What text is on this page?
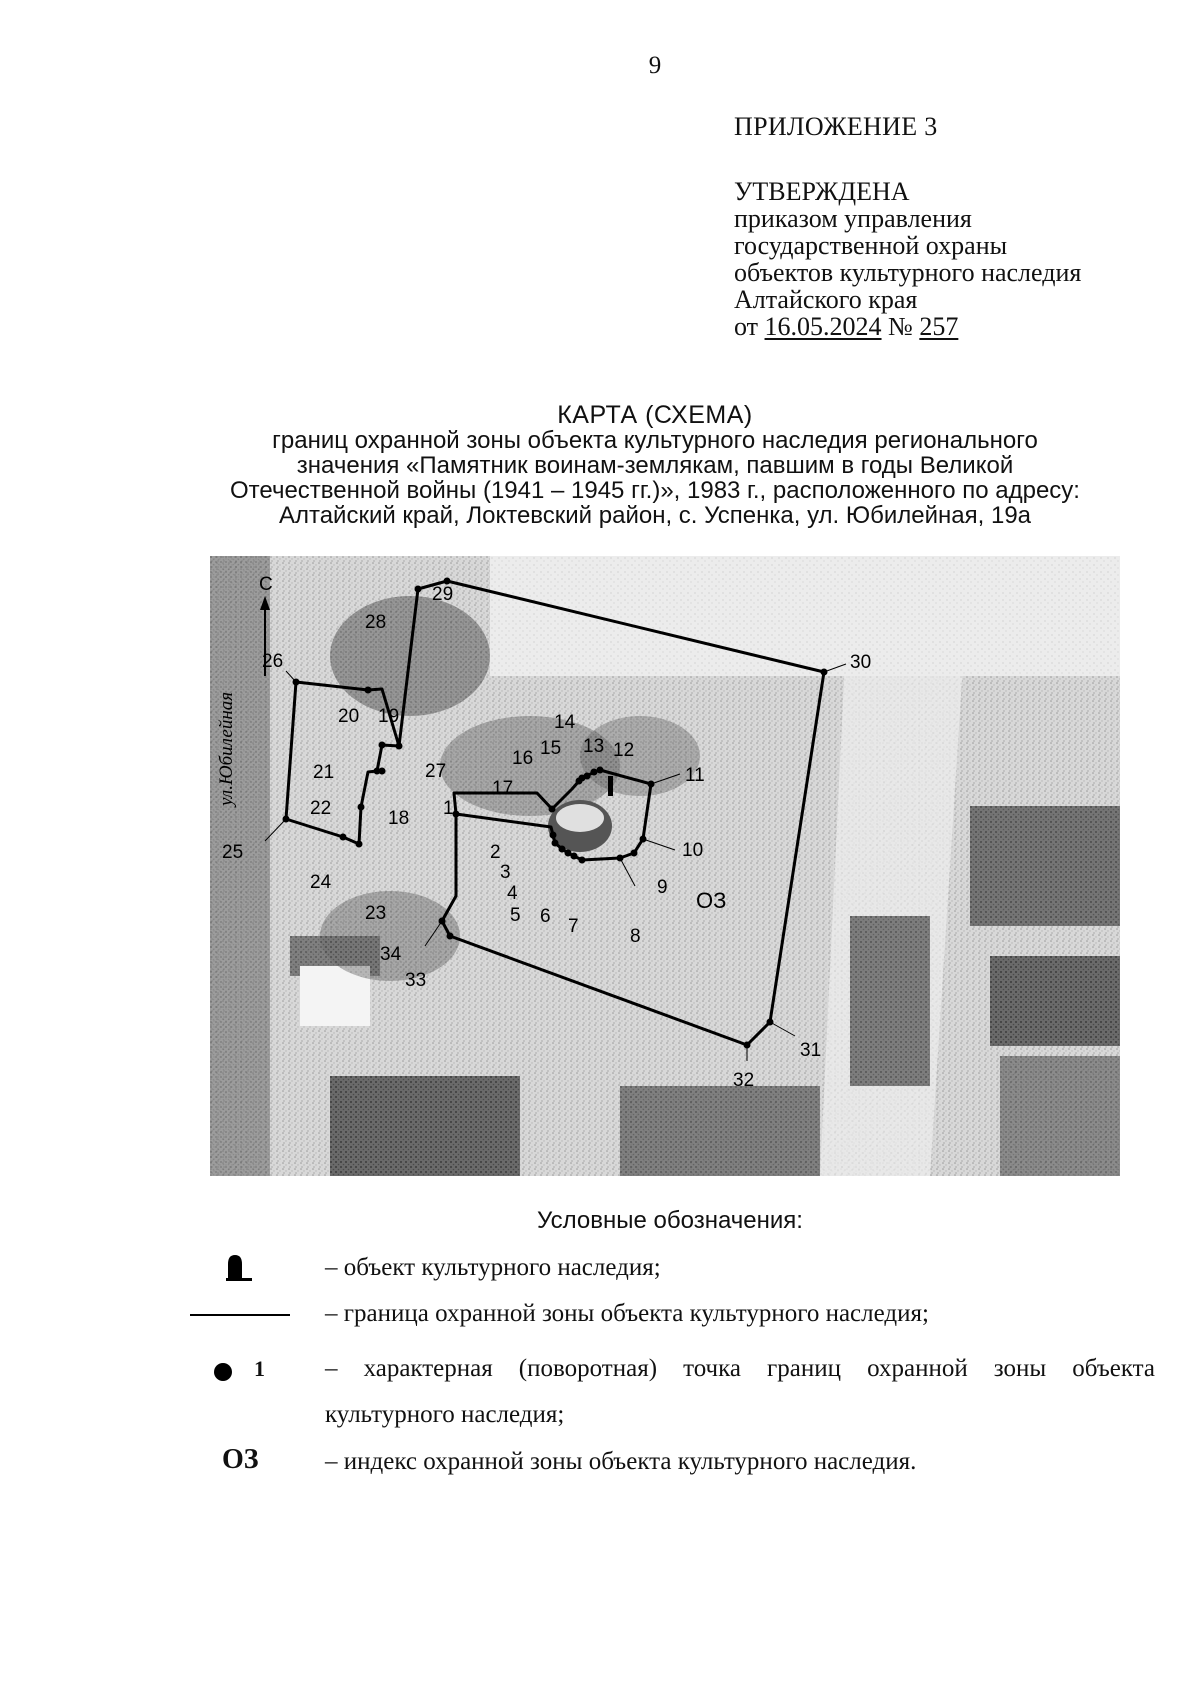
9
ПРИЛОЖЕНИЕ 3
УТВЕРЖДЕНА
приказом управления
государственной охраны
объектов культурного наследия
Алтайского края
от 16.05.2024 № 257
КАРТА (СХЕМА)
границ охранной зоны объекта культурного наследия регионального
значения «Памятник воинам-землякам, павшим в годы Великой
Отечественной войны (1941 – 1945 гг.)», 1983 г., расположенного по адресу:
Алтайский край, Локтевский район, с. Успенка, ул. Юбилейная, 19а
1
2
3
4
5 6 7	8
9
10
11
12
13
14
15
16
17
18
19
20
21
22
23
24
25
26
27
28
29
30
31
32
33
34
ОЗ
С
ул.Юбилейная
Условные обозначения:
– объект культурного наследия;
– граница охранной зоны объекта культурного наследия;
1 – характерная (поворотная) точка границ охранной зоны объекта
культурного наследия;
ОЗ	– индекс охранной зоны объекта культурного наследия.
